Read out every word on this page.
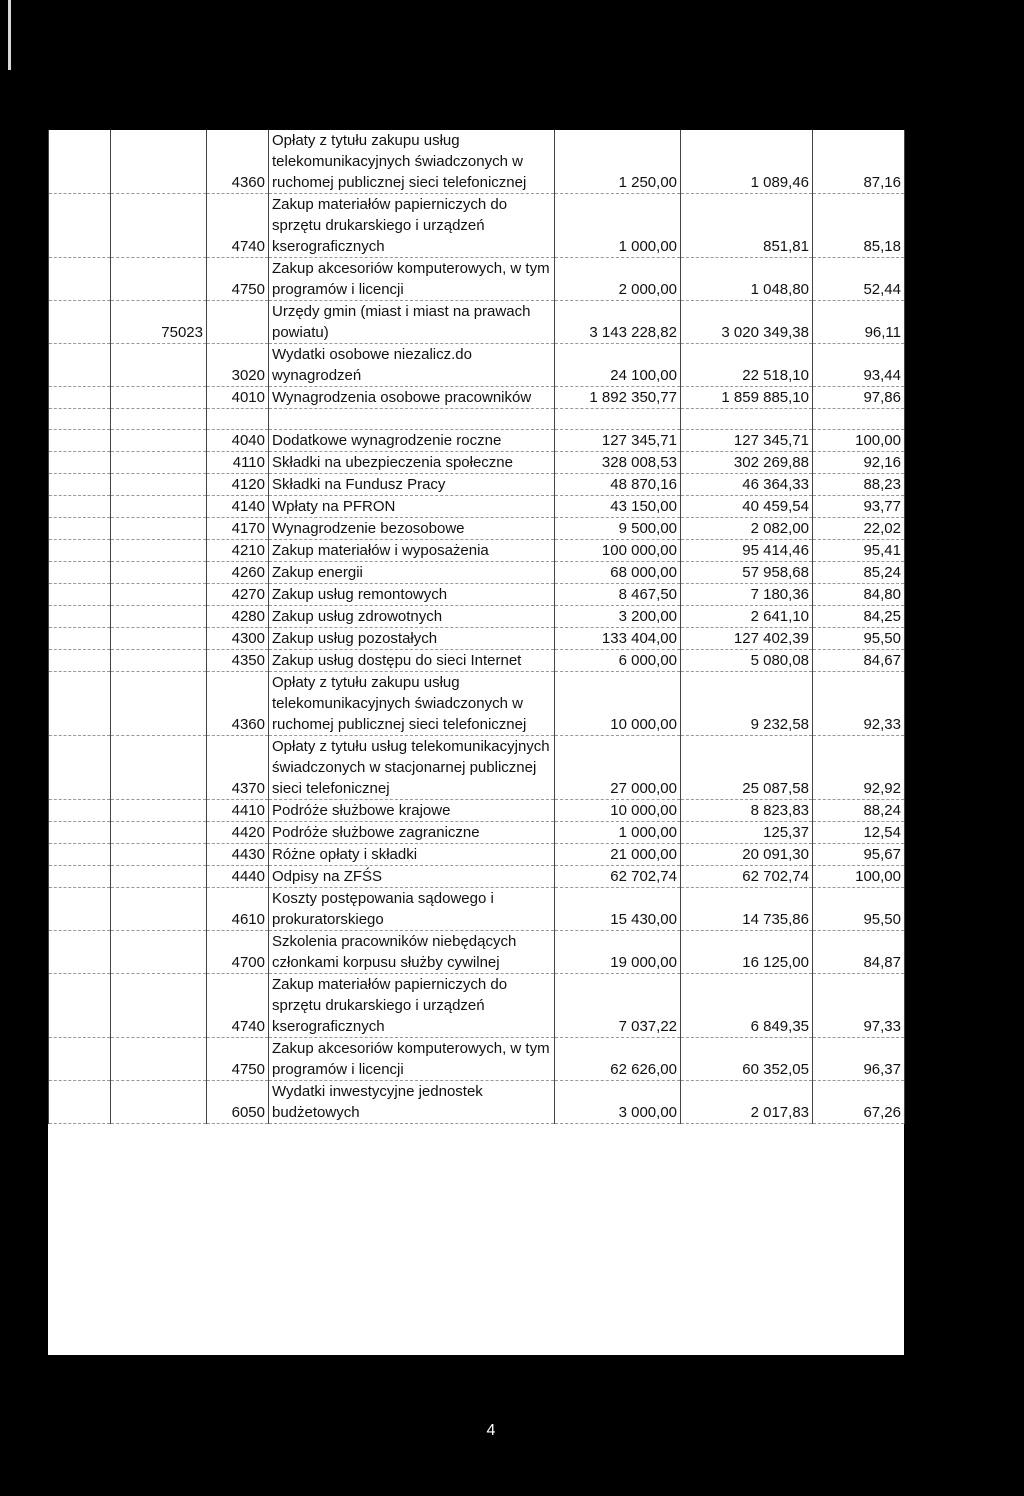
		4360	Opłaty z tytułu zakupu usług telekomunikacyjnych świadczonych w ruchomej publicznej sieci telefonicznej	1 250,00	1 089,46	87,16
		4740	Zakup materiałów papierniczych do sprzętu drukarskiego i urządzeń kserograficznych	1 000,00	851,81	85,18
		4750	Zakup akcesoriów komputerowych, w tym programów i licencji	2 000,00	1 048,80	52,44
	75023		Urzędy gmin (miast i miast na prawach powiatu)	3 143 228,82	3 020 349,38	96,11
		3020	Wydatki osobowe niezalicz.do wynagrodzeń	24 100,00	22 518,10	93,44
		4010	Wynagrodzenia osobowe pracowników	1 892 350,77	1 859 885,10	97,86

		4040	Dodatkowe wynagrodzenie roczne	127 345,71	127 345,71	100,00
		4110	Składki na ubezpieczenia społeczne	328 008,53	302 269,88	92,16
		4120	Składki na Fundusz Pracy	48 870,16	46 364,33	88,23
		4140	Wpłaty na PFRON	43 150,00	40 459,54	93,77
		4170	Wynagrodzenie bezosobowe	9 500,00	2 082,00	22,02
		4210	Zakup materiałów i wyposażenia	100 000,00	95 414,46	95,41
		4260	Zakup energii	68 000,00	57 958,68	85,24
		4270	Zakup usług remontowych	8 467,50	7 180,36	84,80
		4280	Zakup usług zdrowotnych	3 200,00	2 641,10	84,25
		4300	Zakup usług pozostałych	133 404,00	127 402,39	95,50
		4350	Zakup usług dostępu do sieci Internet	6 000,00	5 080,08	84,67
		4360	Opłaty z tytułu zakupu usług telekomunikacyjnych świadczonych w ruchomej publicznej sieci telefonicznej	10 000,00	9 232,58	92,33
		4370	Opłaty z tytułu usług telekomunikacyjnych świadczonych w stacjonarnej publicznej sieci telefonicznej	27 000,00	25 087,58	92,92
		4410	Podróże służbowe krajowe	10 000,00	8 823,83	88,24
		4420	Podróże służbowe zagraniczne	1 000,00	125,37	12,54
		4430	Różne opłaty i składki	21 000,00	20 091,30	95,67
		4440	Odpisy na ZFŚS	62 702,74	62 702,74	100,00
		4610	Koszty postępowania sądowego i prokuratorskiego	15 430,00	14 735,86	95,50
		4700	Szkolenia pracowników niebędących członkami korpusu służby cywilnej	19 000,00	16 125,00	84,87
		4740	Zakup materiałów papierniczych do sprzętu drukarskiego i urządzeń kserograficznych	7 037,22	6 849,35	97,33
		4750	Zakup akcesoriów komputerowych, w tym programów i licencji	62 626,00	60 352,05	96,37
		6050	Wydatki inwestycyjne jednostek budżetowych	3 000,00	2 017,83	67,26
4
